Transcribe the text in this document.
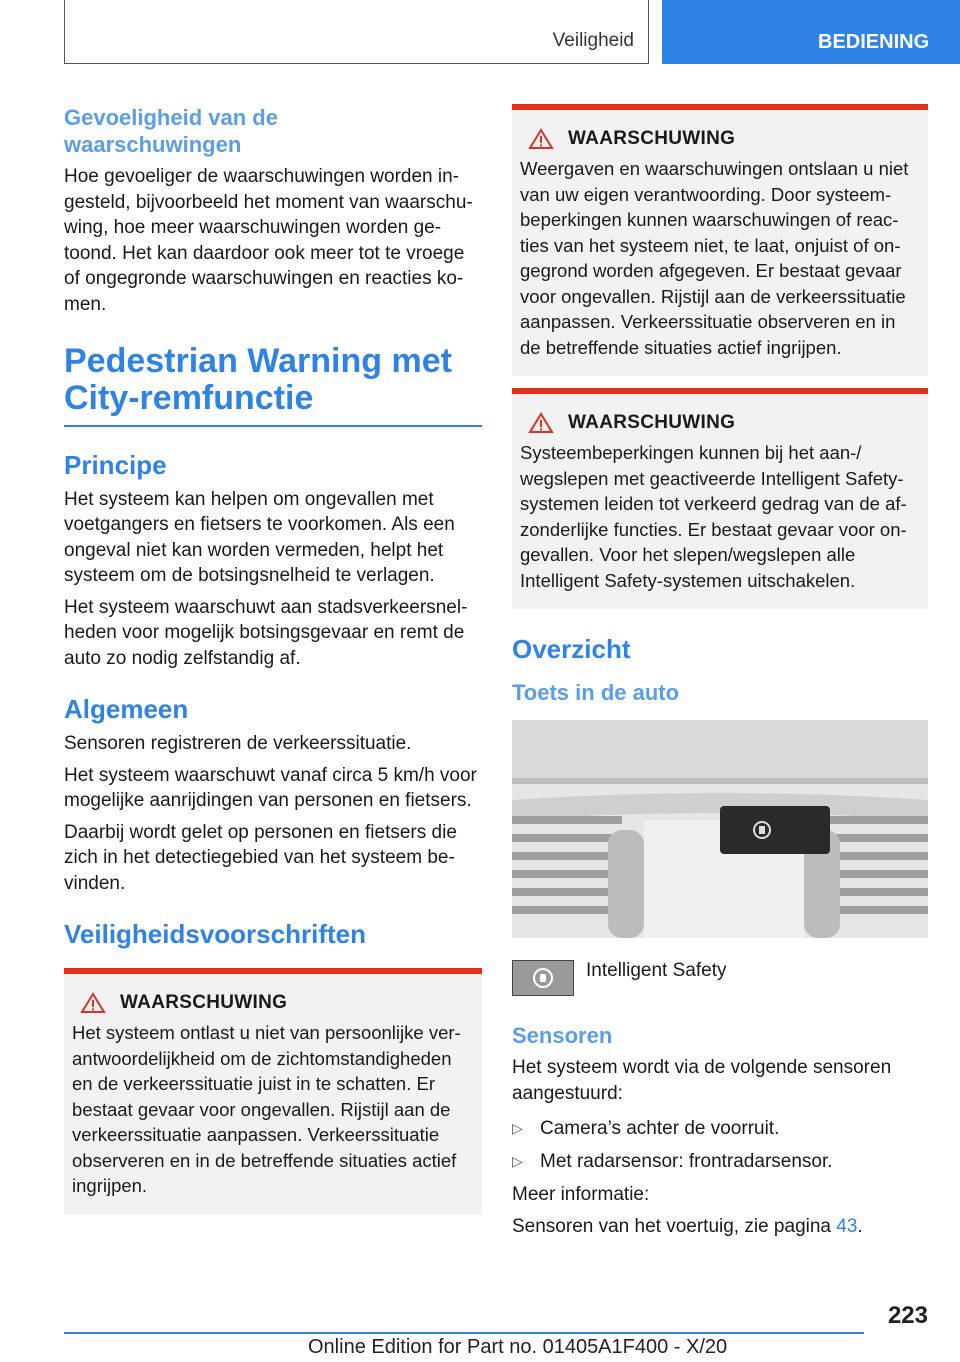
Veiligheid	BEDIENING
Gevoeligheid van de waarschuwingen

Hoe gevoeliger de waarschuwingen worden in-gesteld, bijvoorbeeld het moment van waarschu-wing, hoe meer waarschuwingen worden ge-toond. Het kan daardoor ook meer tot te vroege of ongegronde waarschuwingen en reacties ko-men.

Pedestrian Warning met City-remfunctie
Principe

Het systeem kan helpen om ongevallen met voetgangers en fietsers te voorkomen. Als een ongeval niet kan worden vermeden, helpt het systeem om de botsingsnelheid te verlagen.

Het systeem waarschuwt aan stadsverkeersnel-heden voor mogelijk botsingsgevaar en remt de auto zo nodig zelfstandig af.

Algemeen

Sensoren registreren de verkeerssituatie.

Het systeem waarschuwt vanaf circa 5 km/h voor mogelijke aanrijdingen van personen en fietsers.

Daarbij wordt gelet op personen en fietsers die zich in het detectiegebied van het systeem be-vinden.

Veiligheidsvoorschriften
WAARSCHUWING

Het systeem ontlast u niet van persoonlijke ver-antwoordelijkheid om de zichtomstandigheden en de verkeerssituatie juist in te schatten. Er bestaat gevaar voor ongevallen. Rijstijl aan de verkeerssituatie aanpassen. Verkeerssituatie observeren en in de betreffende situaties actief ingrijpen.

WAARSCHUWING

Weergaven en waarschuwingen ontslaan u niet van uw eigen verantwoording. Door systeem-beperkingen kunnen waarschuwingen of reac-ties van het systeem niet, te laat, onjuist of on-gegrond worden afgegeven. Er bestaat gevaar voor ongevallen. Rijstijl aan de verkeerssituatie aanpassen. Verkeerssituatie observeren en in de betreffende situaties actief ingrijpen.

WAARSCHUWING

Systeembeperkingen kunnen bij het aan-/ wegslepen met geactiveerde Intelligent Safety-systemen leiden tot verkeerd gedrag van de af-zonderlijke functies. Er bestaat gevaar voor on-gevallen. Voor het slepen/wegslepen alle Intelligent Safety-systemen uitschakelen.

Overzicht
Toets in de auto
Intelligent Safety
Sensoren

Het systeem wordt via de volgende sensoren aangestuurd:

▷ Camera’s achter de voorruit.
▷ Met radarsensor: frontradarsensor.

Meer informatie:

Sensoren van het voertuig, zie pagina 43.

223
Online Edition for Part no. 01405A1F400 - X/20
